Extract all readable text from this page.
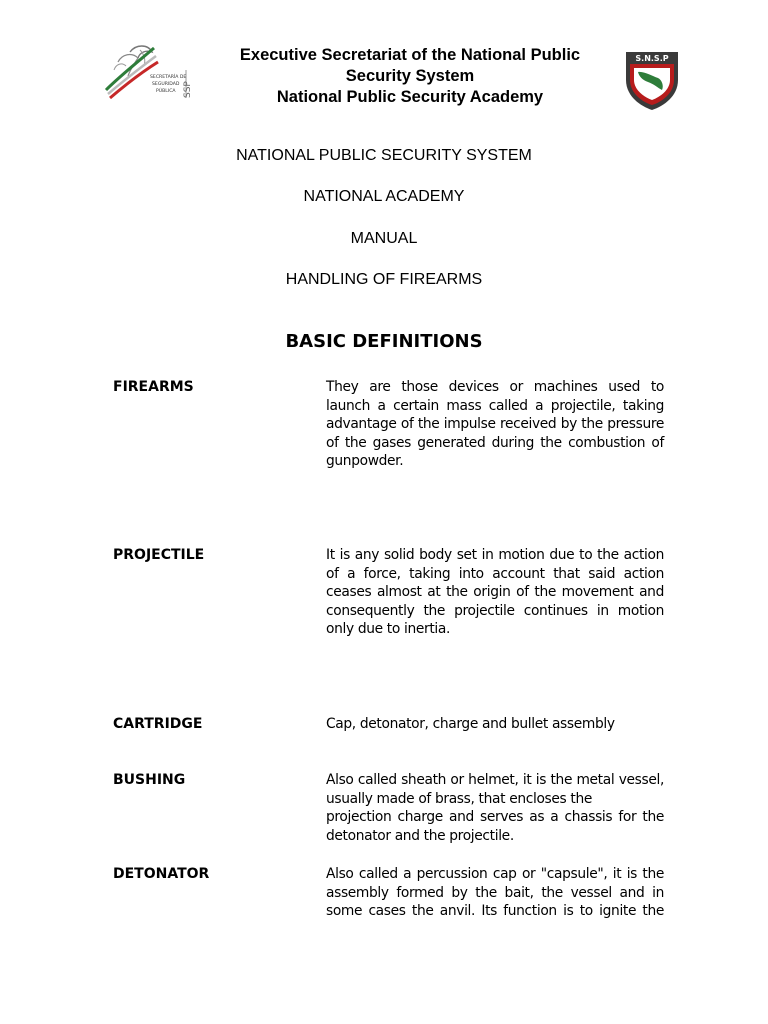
SECRETARÍA DE
SEGURIDAD
PÚBLICA SSP
Executive Secretariat of the National Public
Security System
National Public Security Academy
S.N.S.P
NATIONAL PUBLIC SECURITY SYSTEM
NATIONAL ACADEMY
MANUAL
HANDLING OF FIREARMS
BASIC DEFINITIONS
FIREARMS	They are those devices or machines used to
launch a certain mass called a projectile, taking
advantage of the impulse received by the pressure
of the gases generated during the combustion of
gunpowder.
PROJECTILE	It is any solid body set in motion due to the action
of a force, taking into account that said action
ceases almost at the origin of the movement and
consequently the projectile continues in motion
only due to inertia.
CARTRIDGE	Cap, detonator, charge and bullet assembly
BUSHING	Also called sheath or helmet, it is the metal vessel,
usually made of brass, that encloses the
projection charge and serves as a chassis for the
detonator and the projectile.
DETONATOR	Also called a percussion cap or "capsule", it is the
assembly formed by the bait, the vessel and in
some cases the anvil. Its function is to ignite the
